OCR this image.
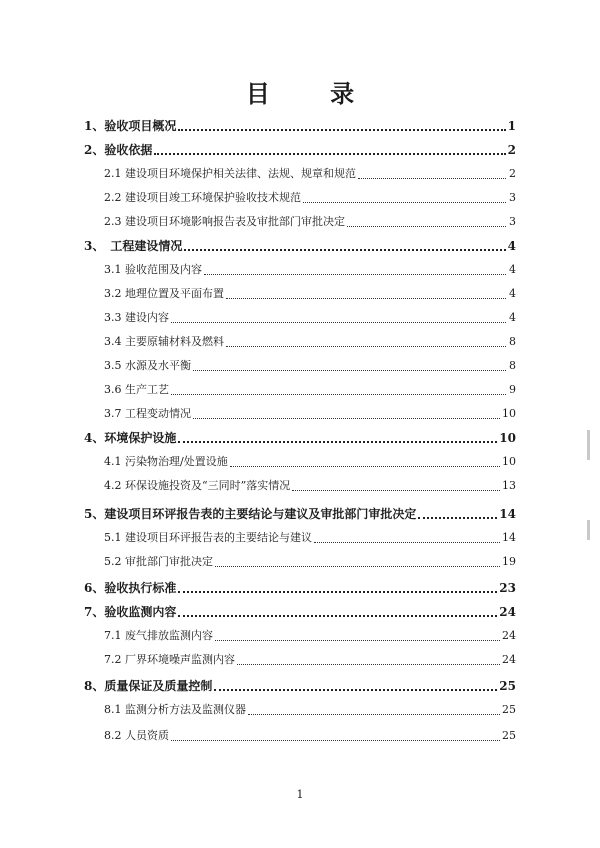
目 录
1、验收项目概况	1
2、验收依据	2
2.1 建设项目环境保护相关法律、法规、规章和规范	2
2.2 建设项目竣工环境保护验收技术规范	3
2.3 建设项目环境影响报告表及审批部门审批决定	3
3、　工程建设情况	4
3.1 验收范围及内容	4
3.2 地理位置及平面布置	4
3.3 建设内容	4
3.4 主要原辅材料及燃料	8
3.5 水源及水平衡	8
3.6 生产工艺	9
3.7 工程变动情况	10
4、环境保护设施	10
4.1 污染物治理/处置设施	10
4.2 环保设施投资及“三同时”落实情况	13
5、建设项目环评报告表的主要结论与建议及审批部门审批决定	14
5.1 建设项目环评报告表的主要结论与建议	14
5.2 审批部门审批决定	19
6、验收执行标准	23
7、验收监测内容	24
7.1 废气排放监测内容	24
7.2 厂界环境噪声监测内容	24
8、质量保证及质量控制	25
8.1 监测分析方法及监测仪器	25
8.2 人员资质	25
1
